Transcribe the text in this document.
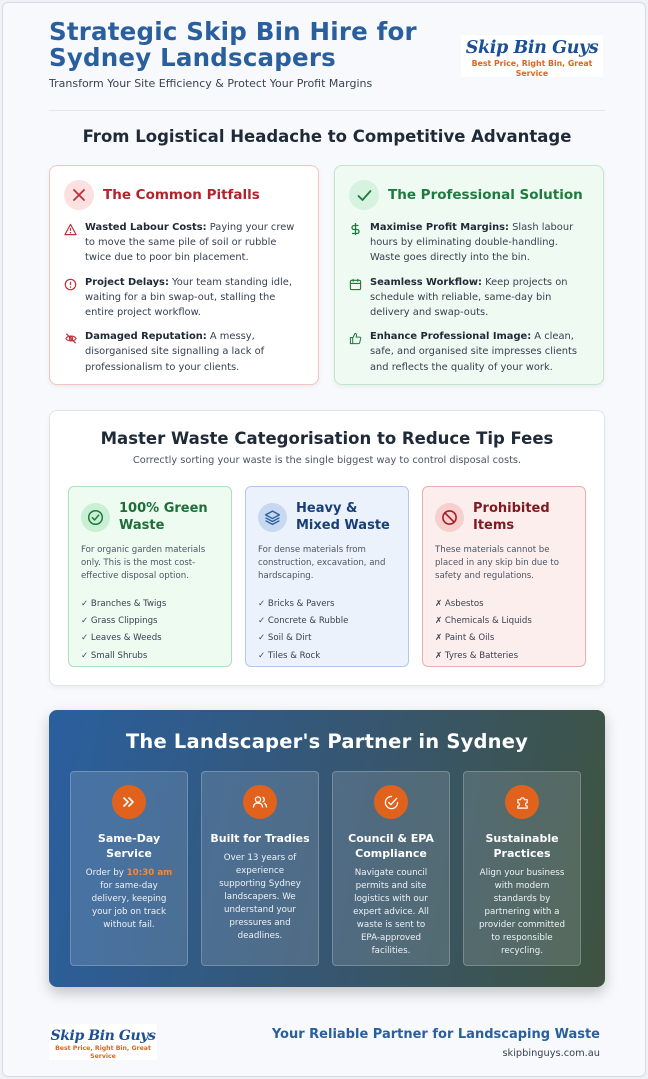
Strategic Skip Bin Hire for Sydney Landscapers
Transform Your Site Efficiency & Protect Your Profit Margins
Skip Bin Guys
Best Price, Right Bin, Great Service
From Logistical Headache to Competitive Advantage
The Common Pitfalls
Wasted Labour Costs: Paying your crew to move the same pile of soil or rubble twice due to poor bin placement.
Project Delays: Your team standing idle, waiting for a bin swap-out, stalling the entire project workflow.
Damaged Reputation: A messy, disorganised site signalling a lack of professionalism to your clients.
The Professional Solution
Maximise Profit Margins: Slash labour hours by eliminating double-handling. Waste goes directly into the bin.
Seamless Workflow: Keep projects on schedule with reliable, same-day bin delivery and swap-outs.
Enhance Professional Image: A clean, safe, and organised site impresses clients and reflects the quality of your work.
Master Waste Categorisation to Reduce Tip Fees
Correctly sorting your waste is the single biggest way to control disposal costs.
100% Green Waste
For organic garden materials only. This is the most cost-effective disposal option.
✓ Branches & Twigs
✓ Grass Clippings
✓ Leaves & Weeds
✓ Small Shrubs
Heavy & Mixed Waste
For dense materials from construction, excavation, and hardscaping.
✓ Bricks & Pavers
✓ Concrete & Rubble
✓ Soil & Dirt
✓ Tiles & Rock
Prohibited Items
These materials cannot be placed in any skip bin due to safety and regulations.
✗ Asbestos
✗ Chemicals & Liquids
✗ Paint & Oils
✗ Tyres & Batteries
The Landscaper's Partner in Sydney
Same-Day Service
Order by 10:30 am for same-day delivery, keeping your job on track without fail.
Built for Tradies
Over 13 years of experience supporting Sydney landscapers. We understand your pressures and deadlines.
Council & EPA Compliance
Navigate council permits and site logistics with our expert advice. All waste is sent to EPA-approved facilities.
Sustainable Practices
Align your business with modern standards by partnering with a provider committed to responsible recycling.
Skip Bin Guys
Best Price, Right Bin, Great Service
Your Reliable Partner for Landscaping Waste
skipbinguys.com.au
